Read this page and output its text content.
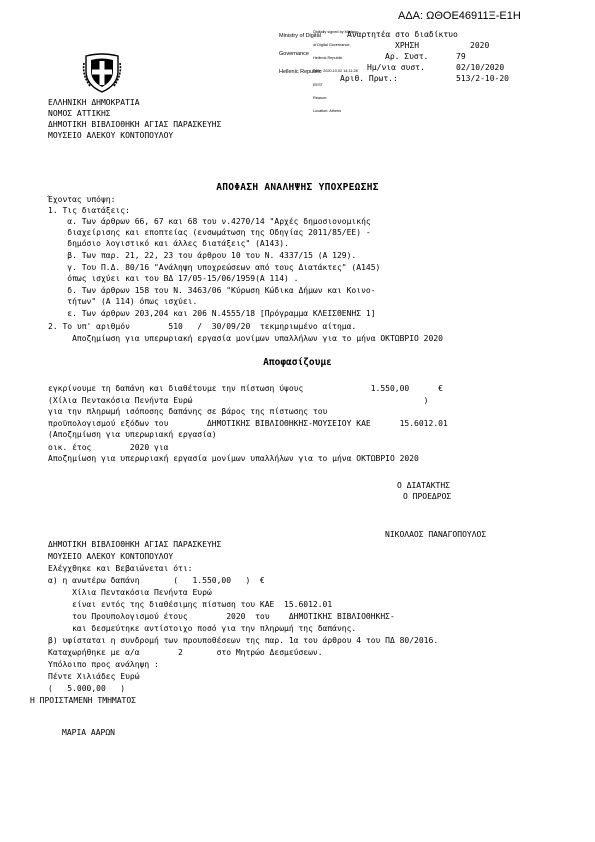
ΑΔΑ: ΩΘΟΕ46911Ξ-Ε1Η

Ministry of Digital

Governance

Hellenic Republic

Digitally signed by Ministry

of Digital Governance,

Hellenic Republic

Date: 2020.10.02 14:11:28

EEST

Reason:

Location: Athens

Αναρτητέα στο διαδίκτυο
ΧΡΗΣΗ	2020
Αρ. Συστ.	79
Ημ/νια συστ.	02/10/2020
Αριθ. Πρωτ.:	513/2-10-20
ΕΛΛΗΝΙΚΗ ΔΗΜΟΚΡΑΤΙΑ
ΝΟΜΟΣ ΑΤΤΙΚΗΣ
ΔΗΜΟΤΙΚΗ ΒΙΒΛΙΟΘΗΚΗ ΑΓΙΑΣ ΠΑΡΑΣΚΕΥΗΣ
ΜΟΥΣΕΙΟ ΑΛΕΚΟΥ ΚΟΝΤΟΠΟΥΛΟΥ
ΑΠΟΦΑΣΗ ΑΝΑΛΗΨΗΣ ΥΠΟΧΡΕΩΣΗΣ
Έχοντας υπόψη:
1. Τις διατάξεις:
α. Των άρθρων 66, 67 και 68 του ν.4270/14 "Αρχές δημοσιονομικής
διαχείρισης και εποπτείας (ενσωμάτωση της Οδηγίας 2011/85/ΕΕ) -
δημόσιο λογιστικό και άλλες διατάξεις" (Α143).
β. Των παρ. 21, 22, 23 του άρθρου 10 του Ν. 4337/15 (Α 129).
γ. Του Π.Δ. 80/16 "Ανάληψη υποχρεώσεων από τους Διατάκτες" (Α145)
όπως ισχύει και του ΒΔ 17/05-15/06/1959(Α 114) .
δ. Των άρθρων 158 του Ν. 3463/06 "Κύρωση Κώδικα Δήμων και Κοινο-
τήτων" (Α 114) όπως ισχύει.
ε. Των άρθρων 203,204 και 206 Ν.4555/18 [Πρόγραμμα ΚΛΕΙΣΘΕΝΗΣ 1]
2. Το υπ' αριθμόν        510   /  30/09/20  τεκμηριωμένο αίτημα.
Αποζημίωση για υπερωριακή εργασία μονίμων υπαλλήλων για το μήνα ΟΚΤΩΒΡΙΟ 2020
Αποφασίζουμε
εγκρίνουμε τη δαπάνη και διαθέτουμε την πίστωση ύψους              1.550,00      €
(Χίλια Πεντακόσια Πενήντα Ευρώ                                                )
για την πληρωμή ισόποσης δαπάνης σε βάρος της πίστωσης του
προϋπολογισμού εξόδων του        ΔΗΜΟΤΙΚΗΣ ΒΙΒΛΙΟΘΗΚΗΣ-ΜΟΥΣΕΙΟΥ ΚΑΕ      15.6012.01
(Αποζημίωση για υπερωριακή εργασία)
οικ. έτος        2020 για
Αποζημίωση για υπερωριακή εργασία μονίμων υπαλλήλων για το μήνα ΟΚΤΩΒΡΙΟ 2020
Ο ΔΙΑΤΑΚΤΗΣ
Ο ΠΡΟΕΔΡΟΣ
ΝΙΚΟΛΑΟΣ ΠΑΝΑΓΟΠΟΥΛΟΣ
ΔΗΜΟΤΙΚΗ ΒΙΒΛΙΟΘΗΚΗ ΑΓΙΑΣ ΠΑΡΑΣΚΕΥΗΣ
ΜΟΥΣΕΙΟ ΑΛΕΚΟΥ ΚΟΝΤΟΠΟΥΛΟΥ
Ελέγχθηκε και Βεβαιώνεται ότι:
α) η ανωτέρω δαπάνη       (   1.550,00   )  €
Χίλια Πεντακόσια Πενήντα Ευρώ
είναι εντός της διαθέσιμης πίστωση του ΚΑΕ  15.6012.01
του Προυπολογισμού έτους        2020  του    ΔΗΜΟΤΙΚΗΣ ΒΙΒΛΙΟΘΗΚΗΣ-
και δεσμεύτηκε αντίστοιχο ποσό για την πληρωμή της δαπάνης.
β) υφίσταται η συνδρομή των προυποθέσεων της παρ. 1α του άρθρου 4 του ΠΔ 80/2016.
Καταχωρήθηκε με α/α        2       στο Μητρώο Δεσμεύσεων.
Υπόλοιπο προς ανάληψη :
Πέντε Χιλιάδες Ευρώ
(   5.000,00   )
Η ΠΡΟΙΣΤΑΜΕΝΗ ΤΜΗΜΑΤΟΣ
ΜΑΡΙΑ ΑΑΡΩΝ
